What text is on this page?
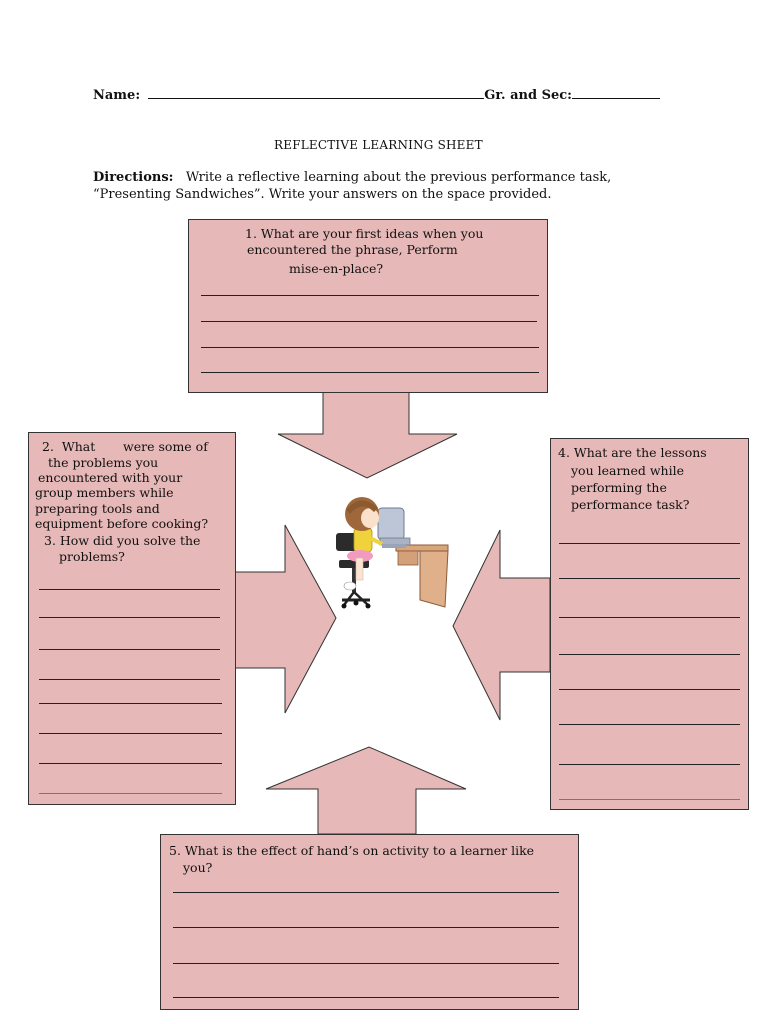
Name:	Gr. and Sec:
REFLECTIVE LEARNING SHEET
Directions: Write a reflective learning about the previous performance task,
“Presenting Sandwiches”. Write your answers on the space provided.
1. What are your first ideas when you
encountered the phrase, Perform
mise-en-place?
2.  What       were some of
the problems you
encountered with your
group members while
preparing tools and
equipment before cooking?
3. How did you solve the
problems?
4. What are the lessons
you learned while
performing the
performance task?
5. What is the effect of hand’s on activity to a learner like
you?
